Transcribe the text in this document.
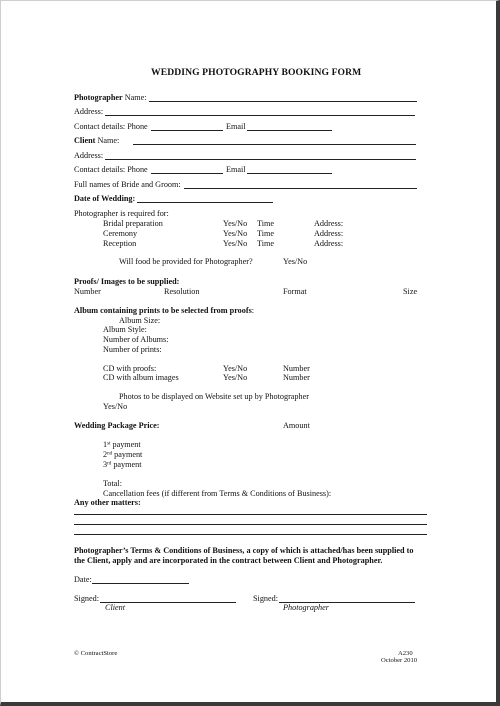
WEDDING PHOTOGRAPHY BOOKING FORM
Photographer Name:
Address:
Contact details: Phone	Email
Client Name:
Address:
Contact details: Phone	Email
Full names of Bride and Groom:
Date of Wedding:
Photographer is required for:
Bridal preparation	Yes/No Time	Address:
Ceremony	Yes/No Time	Address:
Reception	Yes/No Time	Address:
Will food be provided for Photographer?	Yes/No
Proofs/ Images to be supplied:
Number	Resolution	Format	Size
Album containing prints to be selected from proofs:
Album Size:
Album Style:
Number of Albums:
Number of prints:
CD with proofs:	Yes/No	Number
CD with album images	Yes/No	Number
Photos to be displayed on Website set up by Photographer
Yes/No
Wedding Package Price:	Amount
1st payment
2nd payment
3rd payment
Total:
Cancellation fees (if different from Terms & Conditions of Business):
Any other matters:
Photographer’s Terms & Conditions of Business, a copy of which is attached/has been supplied to
the Client, apply and are incorporated in the contract between Client and Photographer.
Date:
Signed:
Client
Signed:
Photographer
© ContractStore	A230
October 2010
